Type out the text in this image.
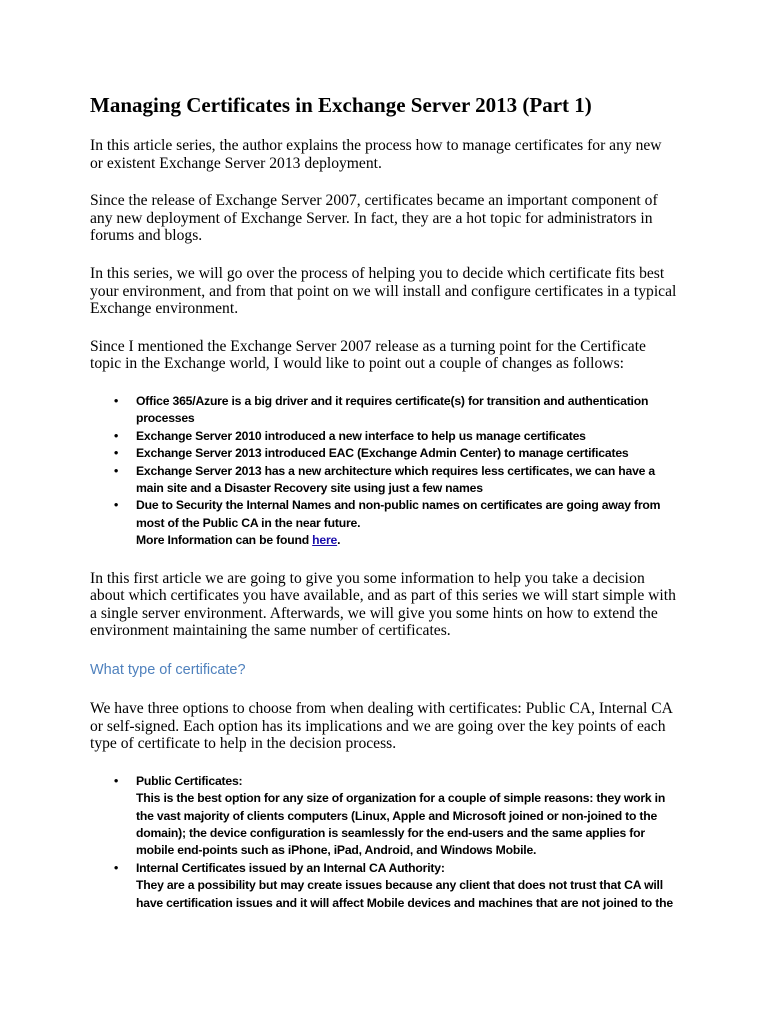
Managing Certificates in Exchange Server 2013 (Part 1)

In this article series, the author explains the process how to manage certificates for any new or existent Exchange Server 2013 deployment.

Since the release of Exchange Server 2007, certificates became an important component of any new deployment of Exchange Server. In fact, they are a hot topic for administrators in forums and blogs.

In this series, we will go over the process of helping you to decide which certificate fits best your environment, and from that point on we will install and configure certificates in a typical Exchange environment.

Since I mentioned the Exchange Server 2007 release as a turning point for the Certificate topic in the Exchange world, I would like to point out a couple of changes as follows:

• Office 365/Azure is a big driver and it requires certificate(s) for transition and authentication processes
• Exchange Server 2010 introduced a new interface to help us manage certificates
• Exchange Server 2013 introduced EAC (Exchange Admin Center) to manage certificates
• Exchange Server 2013 has a new architecture which requires less certificates, we can have a main site and a Disaster Recovery site using just a few names
• Due to Security the Internal Names and non-public names on certificates are going away from most of the Public CA in the near future.
More Information can be found here.

In this first article we are going to give you some information to help you take a decision about which certificates you have available, and as part of this series we will start simple with a single server environment. Afterwards, we will give you some hints on how to extend the environment maintaining the same number of certificates.

What type of certificate?

We have three options to choose from when dealing with certificates: Public CA, Internal CA or self-signed. Each option has its implications and we are going over the key points of each type of certificate to help in the decision process.

• Public Certificates:
This is the best option for any size of organization for a couple of simple reasons: they work in the vast majority of clients computers (Linux, Apple and Microsoft joined or non-joined to the domain); the device configuration is seamlessly for the end-users and the same applies for mobile end-points such as iPhone, iPad, Android, and Windows Mobile.
• Internal Certificates issued by an Internal CA Authority:
They are a possibility but may create issues because any client that does not trust that CA will have certification issues and it will affect Mobile devices and machines that are not joined to the
